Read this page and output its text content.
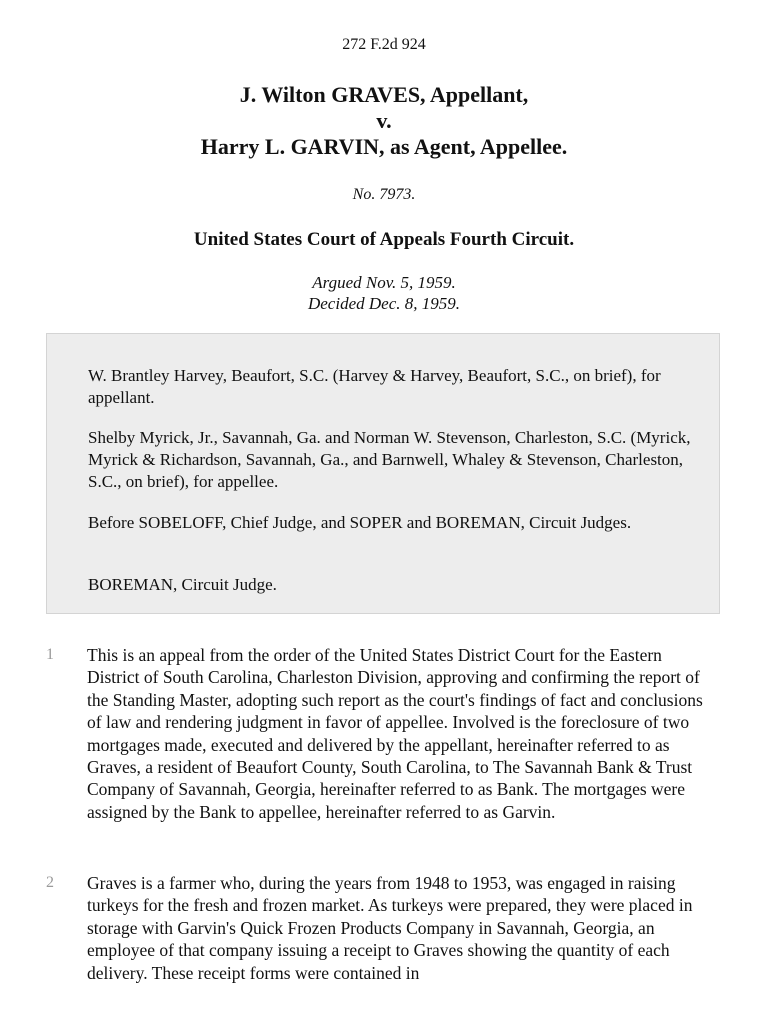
272 F.2d 924
J. Wilton GRAVES, Appellant,
v.
Harry L. GARVIN, as Agent, Appellee.
No. 7973.
United States Court of Appeals Fourth Circuit.
Argued Nov. 5, 1959.
Decided Dec. 8, 1959.

W. Brantley Harvey, Beaufort, S.C. (Harvey & Harvey, Beaufort, S.C., on brief), for appellant.

Shelby Myrick, Jr., Savannah, Ga. and Norman W. Stevenson, Charleston, S.C. (Myrick, Myrick & Richardson, Savannah, Ga., and Barnwell, Whaley & Stevenson, Charleston, S.C., on brief), for appellee.

Before SOBELOFF, Chief Judge, and SOPER and BOREMAN, Circuit Judges.

BOREMAN, Circuit Judge.

1 This is an appeal from the order of the United States District Court for the Eastern District of South Carolina, Charleston Division, approving and confirming the report of the Standing Master, adopting such report as the court's findings of fact and conclusions of law and rendering judgment in favor of appellee. Involved is the foreclosure of two mortgages made, executed and delivered by the appellant, hereinafter referred to as Graves, a resident of Beaufort County, South Carolina, to The Savannah Bank & Trust Company of Savannah, Georgia, hereinafter referred to as Bank. The mortgages were assigned by the Bank to appellee, hereinafter referred to as Garvin.

2 Graves is a farmer who, during the years from 1948 to 1953, was engaged in raising turkeys for the fresh and frozen market. As turkeys were prepared, they were placed in storage with Garvin's Quick Frozen Products Company in Savannah, Georgia, an employee of that company issuing a receipt to Graves showing the quantity of each delivery. These receipt forms were contained in
